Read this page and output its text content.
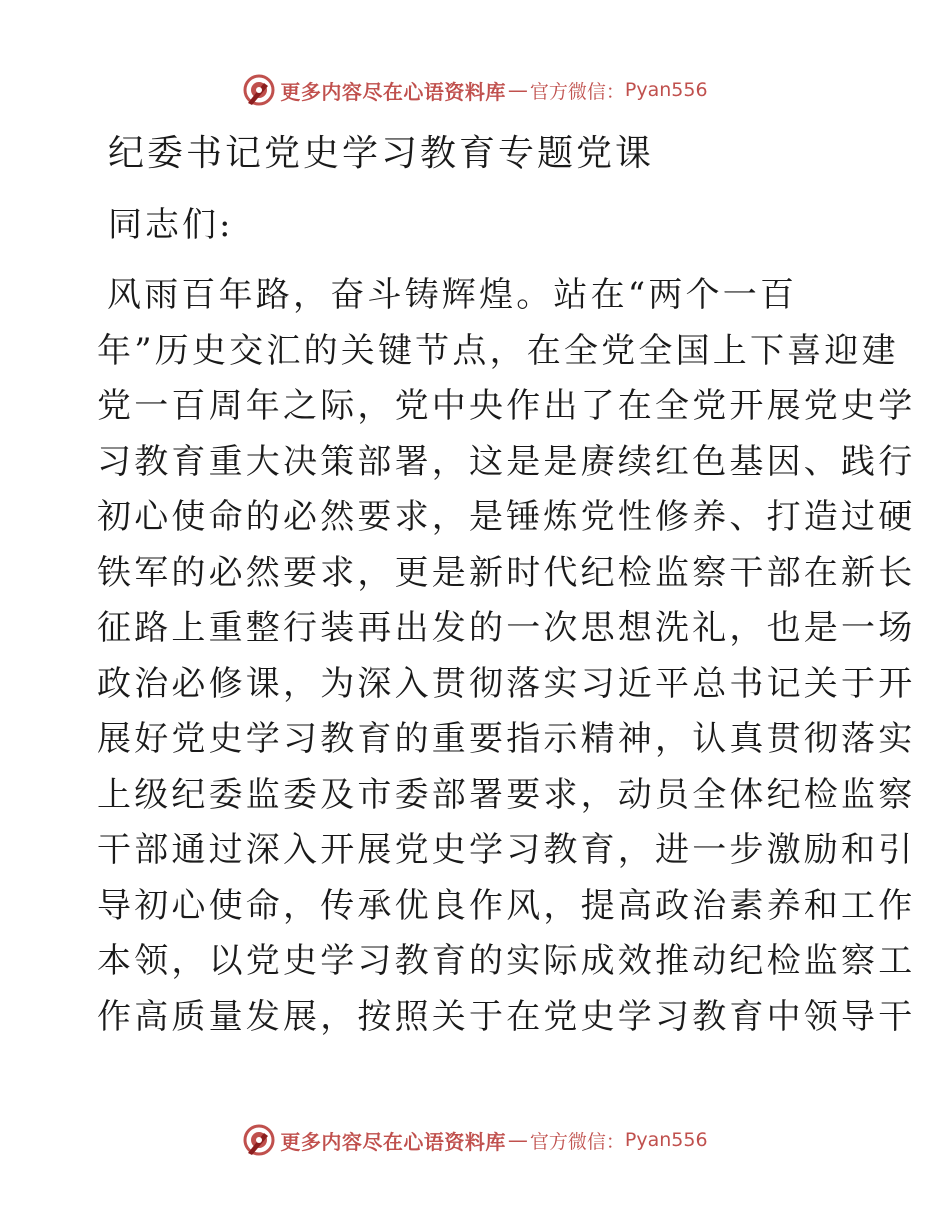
更多内容尽在心语资料库 — 官方微信： Pyan556
纪委书记党史学习教育专题党课
同志们:

风雨百年路，奋斗铸辉煌。站在“两个一百

年”历史交汇的关键节点，在全党全国上下喜迎建

党一百周年之际，党中央作出了在全党开展党史学

习教育重大决策部署，这是是赓续红色基因、践行

初心使命的必然要求，是锤炼党性修养、打造过硬

铁军的必然要求，更是新时代纪检监察干部在新长

征路上重整行装再出发的一次思想洗礼，也是一场

政治必修课，为深入贯彻落实习近平总书记关于开

展好党史学习教育的重要指示精神，认真贯彻落实

上级纪委监委及市委部署要求，动员全体纪检监察

干部通过深入开展党史学习教育，进一步激励和引

导初心使命，传承优良作风，提高政治素养和工作

本领，以党史学习教育的实际成效推动纪检监察工

作高质量发展，按照关于在党史学习教育中领导干

更多内容尽在心语资料库 — 官方微信： Pyan556
